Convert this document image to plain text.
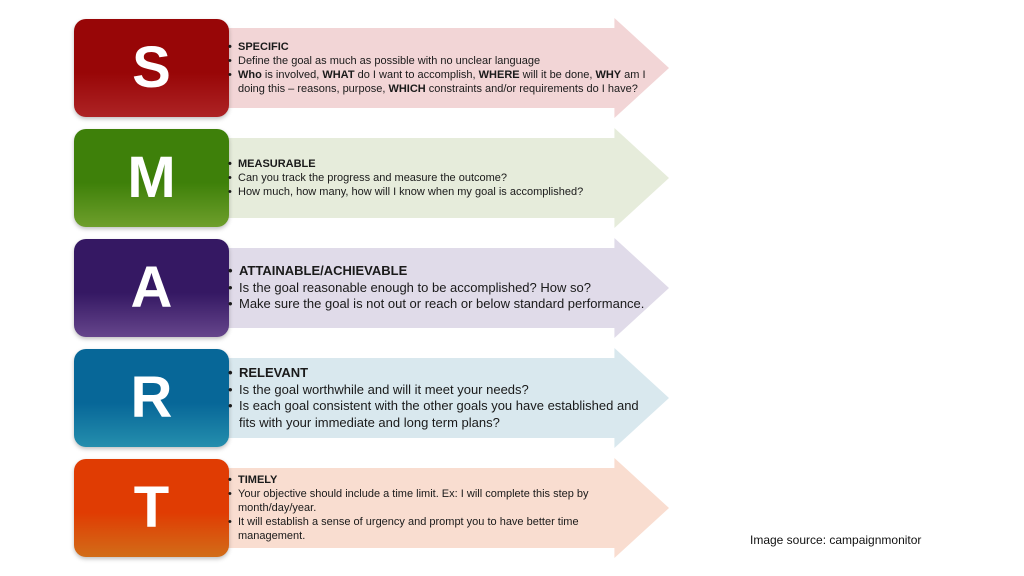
S	• SPECIFIC
• Define the goal as much as possible with no unclear language
• Who is involved, WHAT do I want to accomplish, WHERE will it be done, WHY am I doing this – reasons, purpose, WHICH constraints and/or requirements do I have?
M	• MEASURABLE
• Can you track the progress and measure the outcome?
• How much, how many, how will I know when my goal is accomplished?
A	• ATTAINABLE/ACHIEVABLE
• Is the goal reasonable enough to be accomplished? How so?
• Make sure the goal is not out or reach or below standard performance.
R	• RELEVANT
• Is the goal worthwhile and will it meet your needs?
• Is each goal consistent with the other goals you have established and fits with your immediate and long term plans?
T	• TIMELY
• Your objective should include a time limit. Ex: I will complete this step by month/day/year.
• It will establish a sense of urgency and prompt you to have better time management.	Image source: campaignmonitor
